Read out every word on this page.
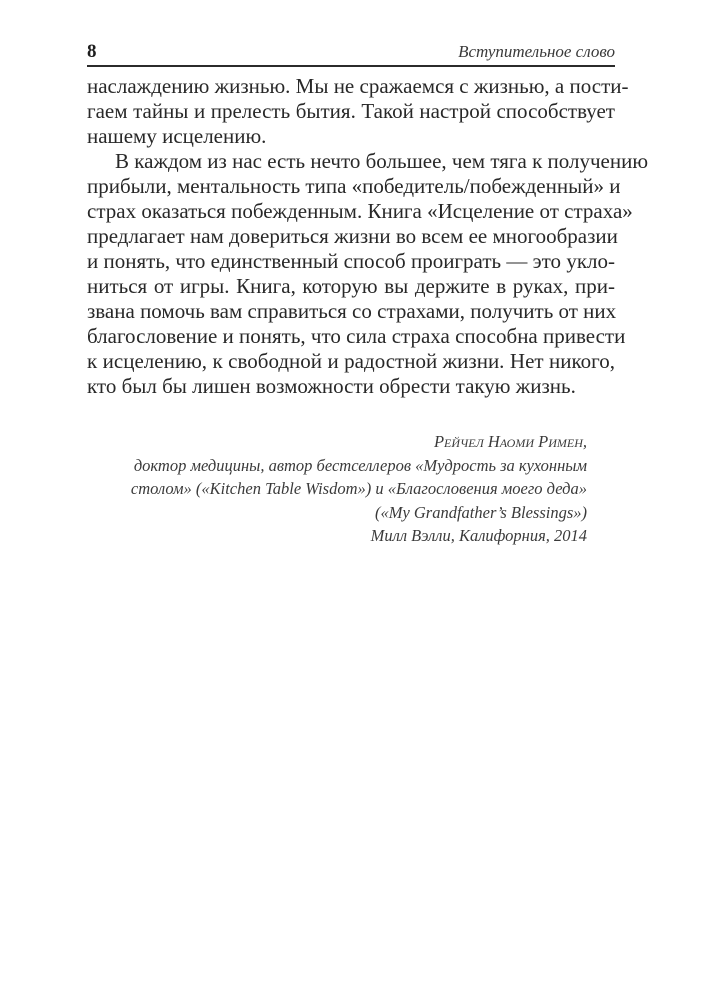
8	Вступительное слово
наслаждению жизнью. Мы не сражаемся с жизнью, а пости-
гаем тайны и прелесть бытия. Такой настрой способствует
нашему исцелению.
В каждом из нас есть нечто большее, чем тяга к получению
прибыли, ментальность типа «победитель/побежденный» и
страх оказаться побежденным. Книга «Исцеление от страха»
предлагает нам довериться жизни во всем ее многообразии
и понять, что единственный способ проиграть — это укло-
ниться от игры. Книга, которую вы держите в руках, при-
звана помочь вам справиться со страхами, получить от них
благословение и понять, что сила страха способна привести
к исцелению, к свободной и радостной жизни. Нет никого,
кто был бы лишен возможности обрести такую жизнь.
Рейчел Наоми Римен,
доктор медицины, автор бестселлеров «Мудрость за кухонным
столом» («Kitchen Table Wisdom») и «Благословения моего деда»
(«My Grandfather’s Blessings»)
Милл Вэлли, Калифорния, 2014
